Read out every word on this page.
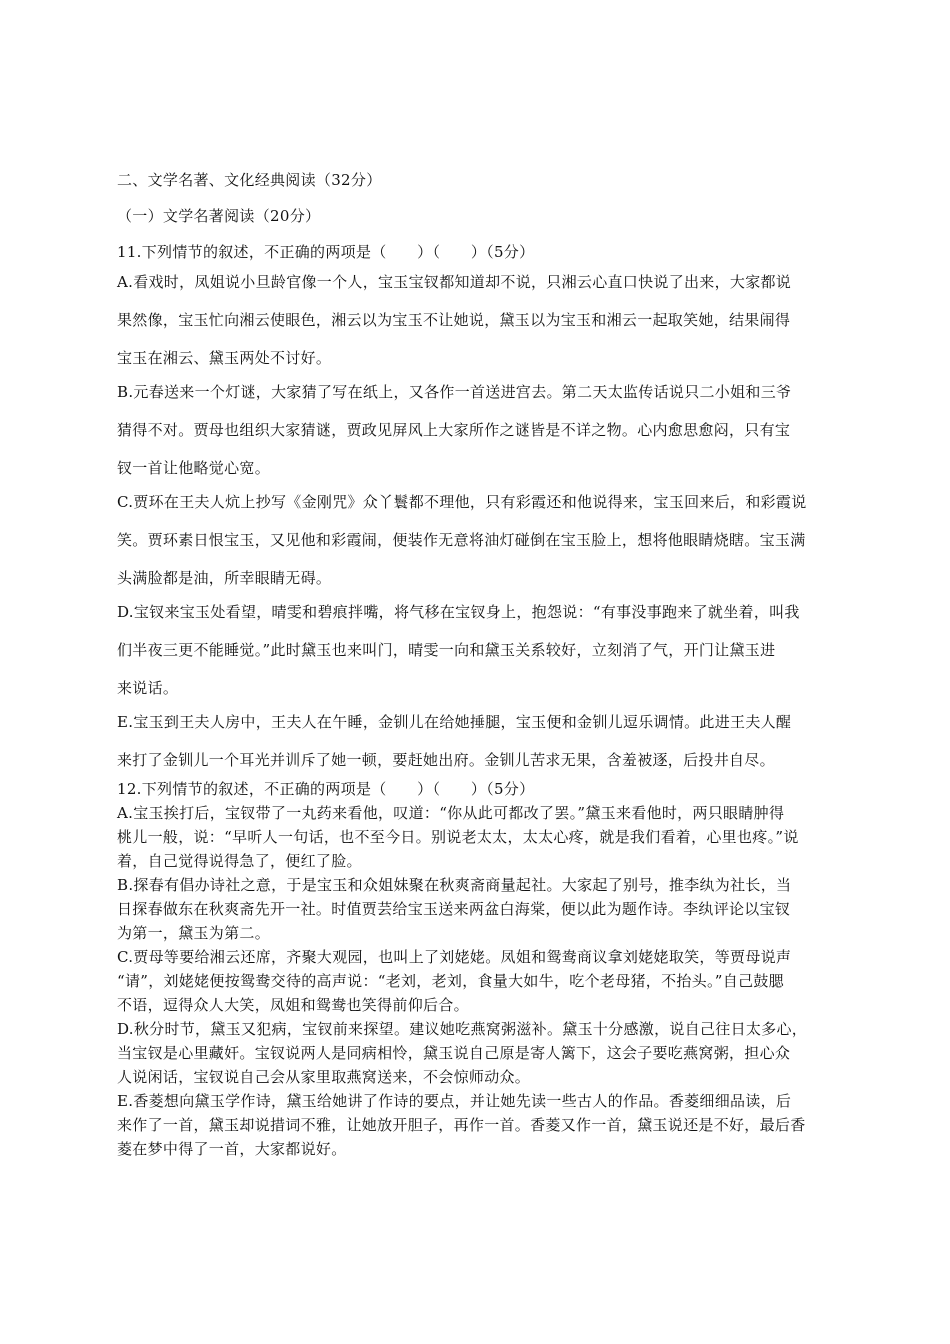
二、文学名著、文化经典阅读（32分）
（一）文学名著阅读（20分）
11.下列情节的叙述，不正确的两项是（　　）（　　）（5分）
A.看戏时，凤姐说小旦龄官像一个人，宝玉宝钗都知道却不说，只湘云心直口快说了出来，大家都说
果然像，宝玉忙向湘云使眼色，湘云以为宝玉不让她说，黛玉以为宝玉和湘云一起取笑她，结果闹得
宝玉在湘云、黛玉两处不讨好。
B.元春送来一个灯谜，大家猜了写在纸上，又各作一首送进宫去。第二天太监传话说只二小姐和三爷
猜得不对。贾母也组织大家猜谜，贾政见屏风上大家所作之谜皆是不详之物。心内愈思愈闷，只有宝
钗一首让他略觉心宽。
C.贾环在王夫人炕上抄写《金刚咒》众丫鬟都不理他，只有彩霞还和他说得来，宝玉回来后，和彩霞说
笑。贾环素日恨宝玉，又见他和彩霞闹，便装作无意将油灯碰倒在宝玉脸上，想将他眼睛烧瞎。宝玉满
头满脸都是油，所幸眼睛无碍。
D.宝钗来宝玉处看望，晴雯和碧痕拌嘴，将气移在宝钗身上，抱怨说：“有事没事跑来了就坐着，叫我
们半夜三更不能睡觉。”此时黛玉也来叫门，晴雯一向和黛玉关系较好，立刻消了气，开门让黛玉进
来说话。
E.宝玉到王夫人房中，王夫人在午睡，金钏儿在给她捶腿，宝玉便和金钏儿逗乐调情。此进王夫人醒
来打了金钏儿一个耳光并训斥了她一顿，要赶她出府。金钏儿苦求无果，含羞被逐，后投井自尽。
12.下列情节的叙述，不正确的两项是（　　）（　　）（5分）
A.宝玉挨打后，宝钗带了一丸药来看他，叹道：“你从此可都改了罢。”黛玉来看他时，两只眼睛肿得
桃儿一般，说：“早听人一句话，也不至今日。别说老太太，太太心疼，就是我们看着，心里也疼。”说
着，自己觉得说得急了，便红了脸。
B.探春有倡办诗社之意，于是宝玉和众姐妹聚在秋爽斋商量起社。大家起了别号，推李纨为社长，当
日探春做东在秋爽斋先开一社。时值贾芸给宝玉送来两盆白海棠，便以此为题作诗。李纨评论以宝钗
为第一，黛玉为第二。
C.贾母等要给湘云还席，齐聚大观园，也叫上了刘姥姥。凤姐和鸳鸯商议拿刘姥姥取笑，等贾母说声
“请”，刘姥姥便按鸳鸯交待的高声说：“老刘，老刘，食量大如牛，吃个老母猪，不抬头。”自己鼓腮
不语，逗得众人大笑，凤姐和鸳鸯也笑得前仰后合。
D.秋分时节，黛玉又犯病，宝钗前来探望。建议她吃燕窝粥滋补。黛玉十分感激，说自己往日太多心，
当宝钗是心里藏奸。宝钗说两人是同病相怜，黛玉说自己原是寄人篱下，这会子要吃燕窝粥，担心众
人说闲话，宝钗说自己会从家里取燕窝送来，不会惊师动众。
E.香菱想向黛玉学作诗，黛玉给她讲了作诗的要点，并让她先读一些古人的作品。香菱细细品读，后
来作了一首，黛玉却说措词不雅，让她放开胆子，再作一首。香菱又作一首，黛玉说还是不好，最后香
菱在梦中得了一首，大家都说好。
